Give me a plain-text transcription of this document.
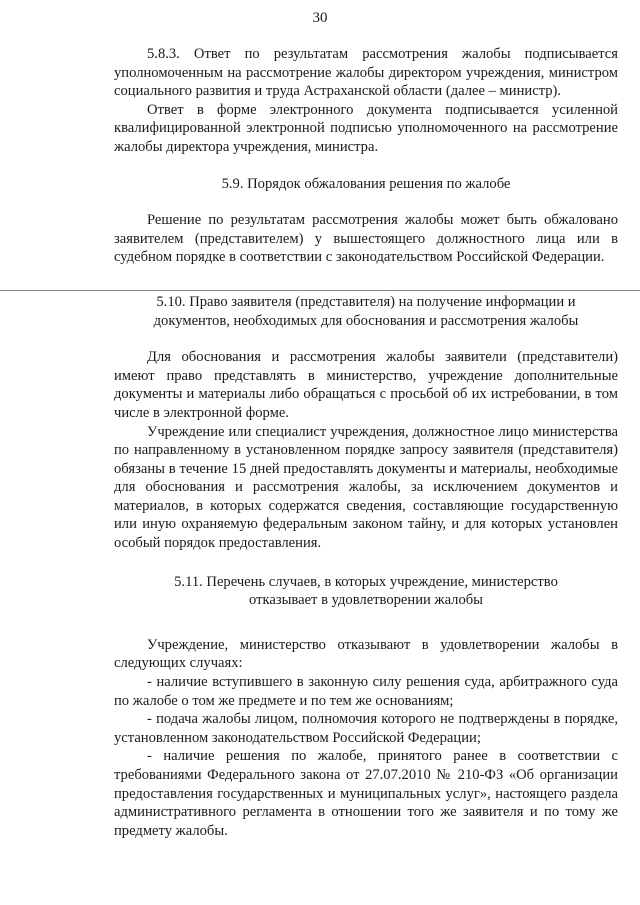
30

5.8.3. Ответ по результатам рассмотрения жалобы подписывается уполномоченным на рассмотрение жалобы директором учреждения, министром социального развития и труда Астраханской области (далее – министр).

Ответ в форме электронного документа подписывается усиленной квалифицированной электронной подписью уполномоченного на рассмотрение жалобы директора учреждения, министра.

5.9. Порядок обжалования решения по жалобе

Решение по результатам рассмотрения жалобы может быть обжаловано заявителем (представителем) у вышестоящего должностного лица или в судебном порядке в соответствии с законодательством Российской Федерации.

5.10. Право заявителя (представителя) на получение информации и

документов, необходимых для обоснования и рассмотрения жалобы

Для обоснования и рассмотрения жалобы заявители (представители) имеют право представлять в министерство, учреждение дополнительные документы и материалы либо обращаться с просьбой об их истребовании, в том числе в электронной форме.

Учреждение или специалист учреждения, должностное лицо министерства по направленному в установленном порядке запросу заявителя (представителя) обязаны в течение 15 дней предоставлять документы и материалы, необходимые для обоснования и рассмотрения жалобы, за исключением документов и материалов, в которых содержатся сведения, составляющие государственную или иную охраняемую федеральным законом тайну, и для которых установлен особый порядок предоставления.

5.11. Перечень случаев, в которых учреждение, министерство

отказывает в удовлетворении жалобы

Учреждение, министерство отказывают в удовлетворении жалобы в следующих случаях:

- наличие вступившего в законную силу решения суда, арбитражного суда по жалобе о том же предмете и по тем же основаниям;

- подача жалобы лицом, полномочия которого не подтверждены в порядке, установленном законодательством Российской Федерации;

- наличие решения по жалобе, принятого ранее в соответствии с требованиями Федерального закона от 27.07.2010 № 210-ФЗ «Об организации предоставления государственных и муниципальных услуг», настоящего раздела административного регламента в отношении того же заявителя и по тому же предмету жалобы.
